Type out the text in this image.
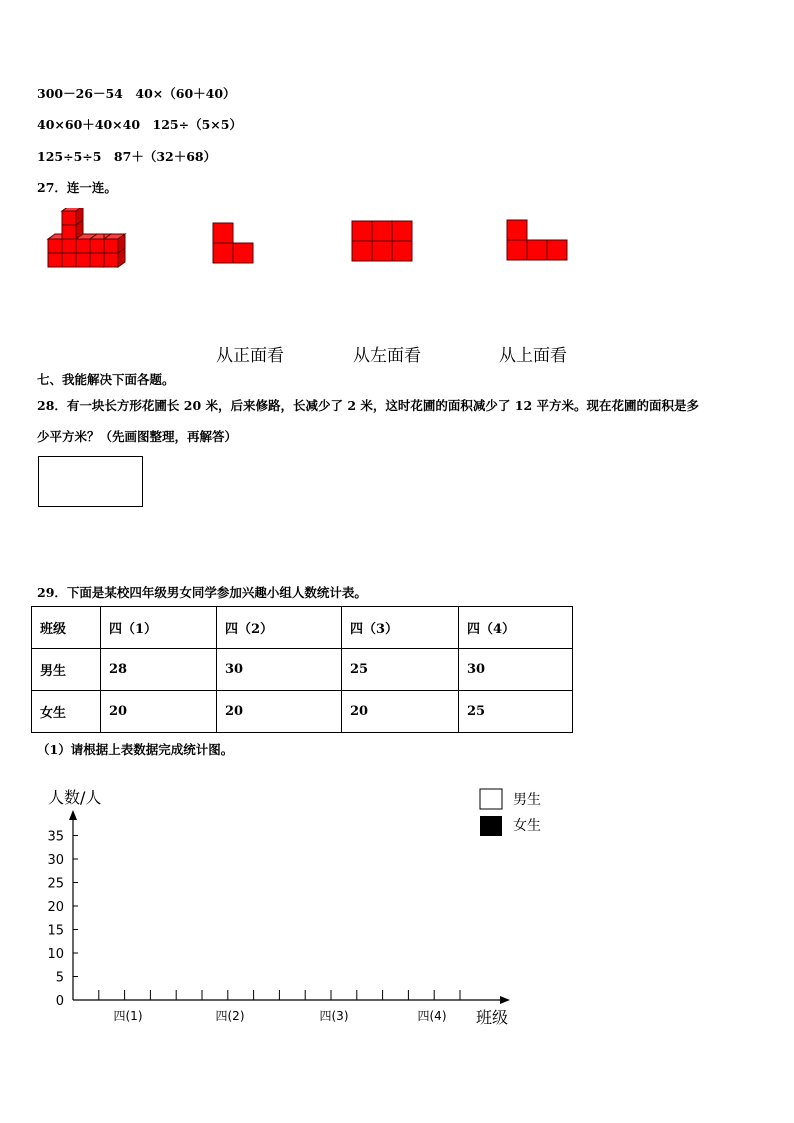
300－26－54　40×（60＋40）
40×60＋40×40　125÷（5×5）
125÷5÷5　87＋（32＋68）
27．连一连。
从正面看	从左面看	从上面看
七、我能解决下面各题。
28．有一块长方形花圃长 20 米，后来修路，长减少了 2 米，这时花圃的面积减少了 12 平方米。现在花圃的面积是多
少平方米？（先画图整理，再解答）
29．下面是某校四年级男女同学参加兴趣小组人数统计表。
班级	四（1）	四（2）	四（3）	四（4）
男生	28	30	25	30
女生	20	20	20	25
（1）请根据上表数据完成统计图。
人数/人
班级
0
5
10
15
20
25
30
35
四(1)	四(2)	四(3)	四(4)
男生
女生
